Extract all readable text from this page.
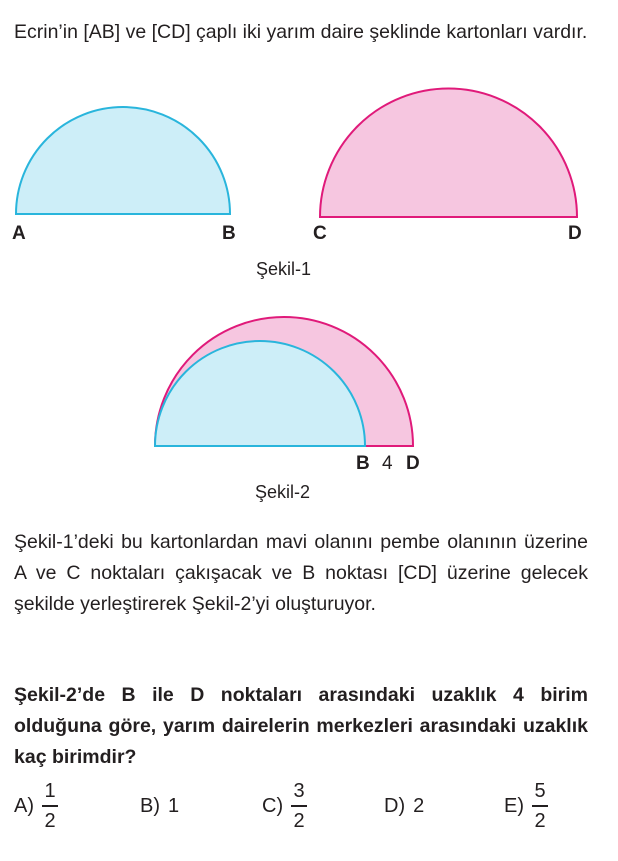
Ecrin’in [AB] ve [CD] çaplı iki yarım daire şeklinde kartonları vardır.
A	B	C	D
Şekil-1
B 4 D
Şekil-2
Şekil-1’deki bu kartonlardan mavi olanını pembe olanının üzerine A ve C noktaları çakışacak ve B noktası [CD] üzerine gelecek şekilde yerleştirerek Şekil-2’yi oluşturuyor.
Şekil-2’de B ile D noktaları arasındaki uzaklık 4 birim olduğuna göre, yarım dairelerin merkezleri arasındaki uzaklık kaç birimdir?
$A) \frac{1}{2}$	B) 1	$C) \frac{3}{2}$	D) 2	$E) \frac{5}{2}$
